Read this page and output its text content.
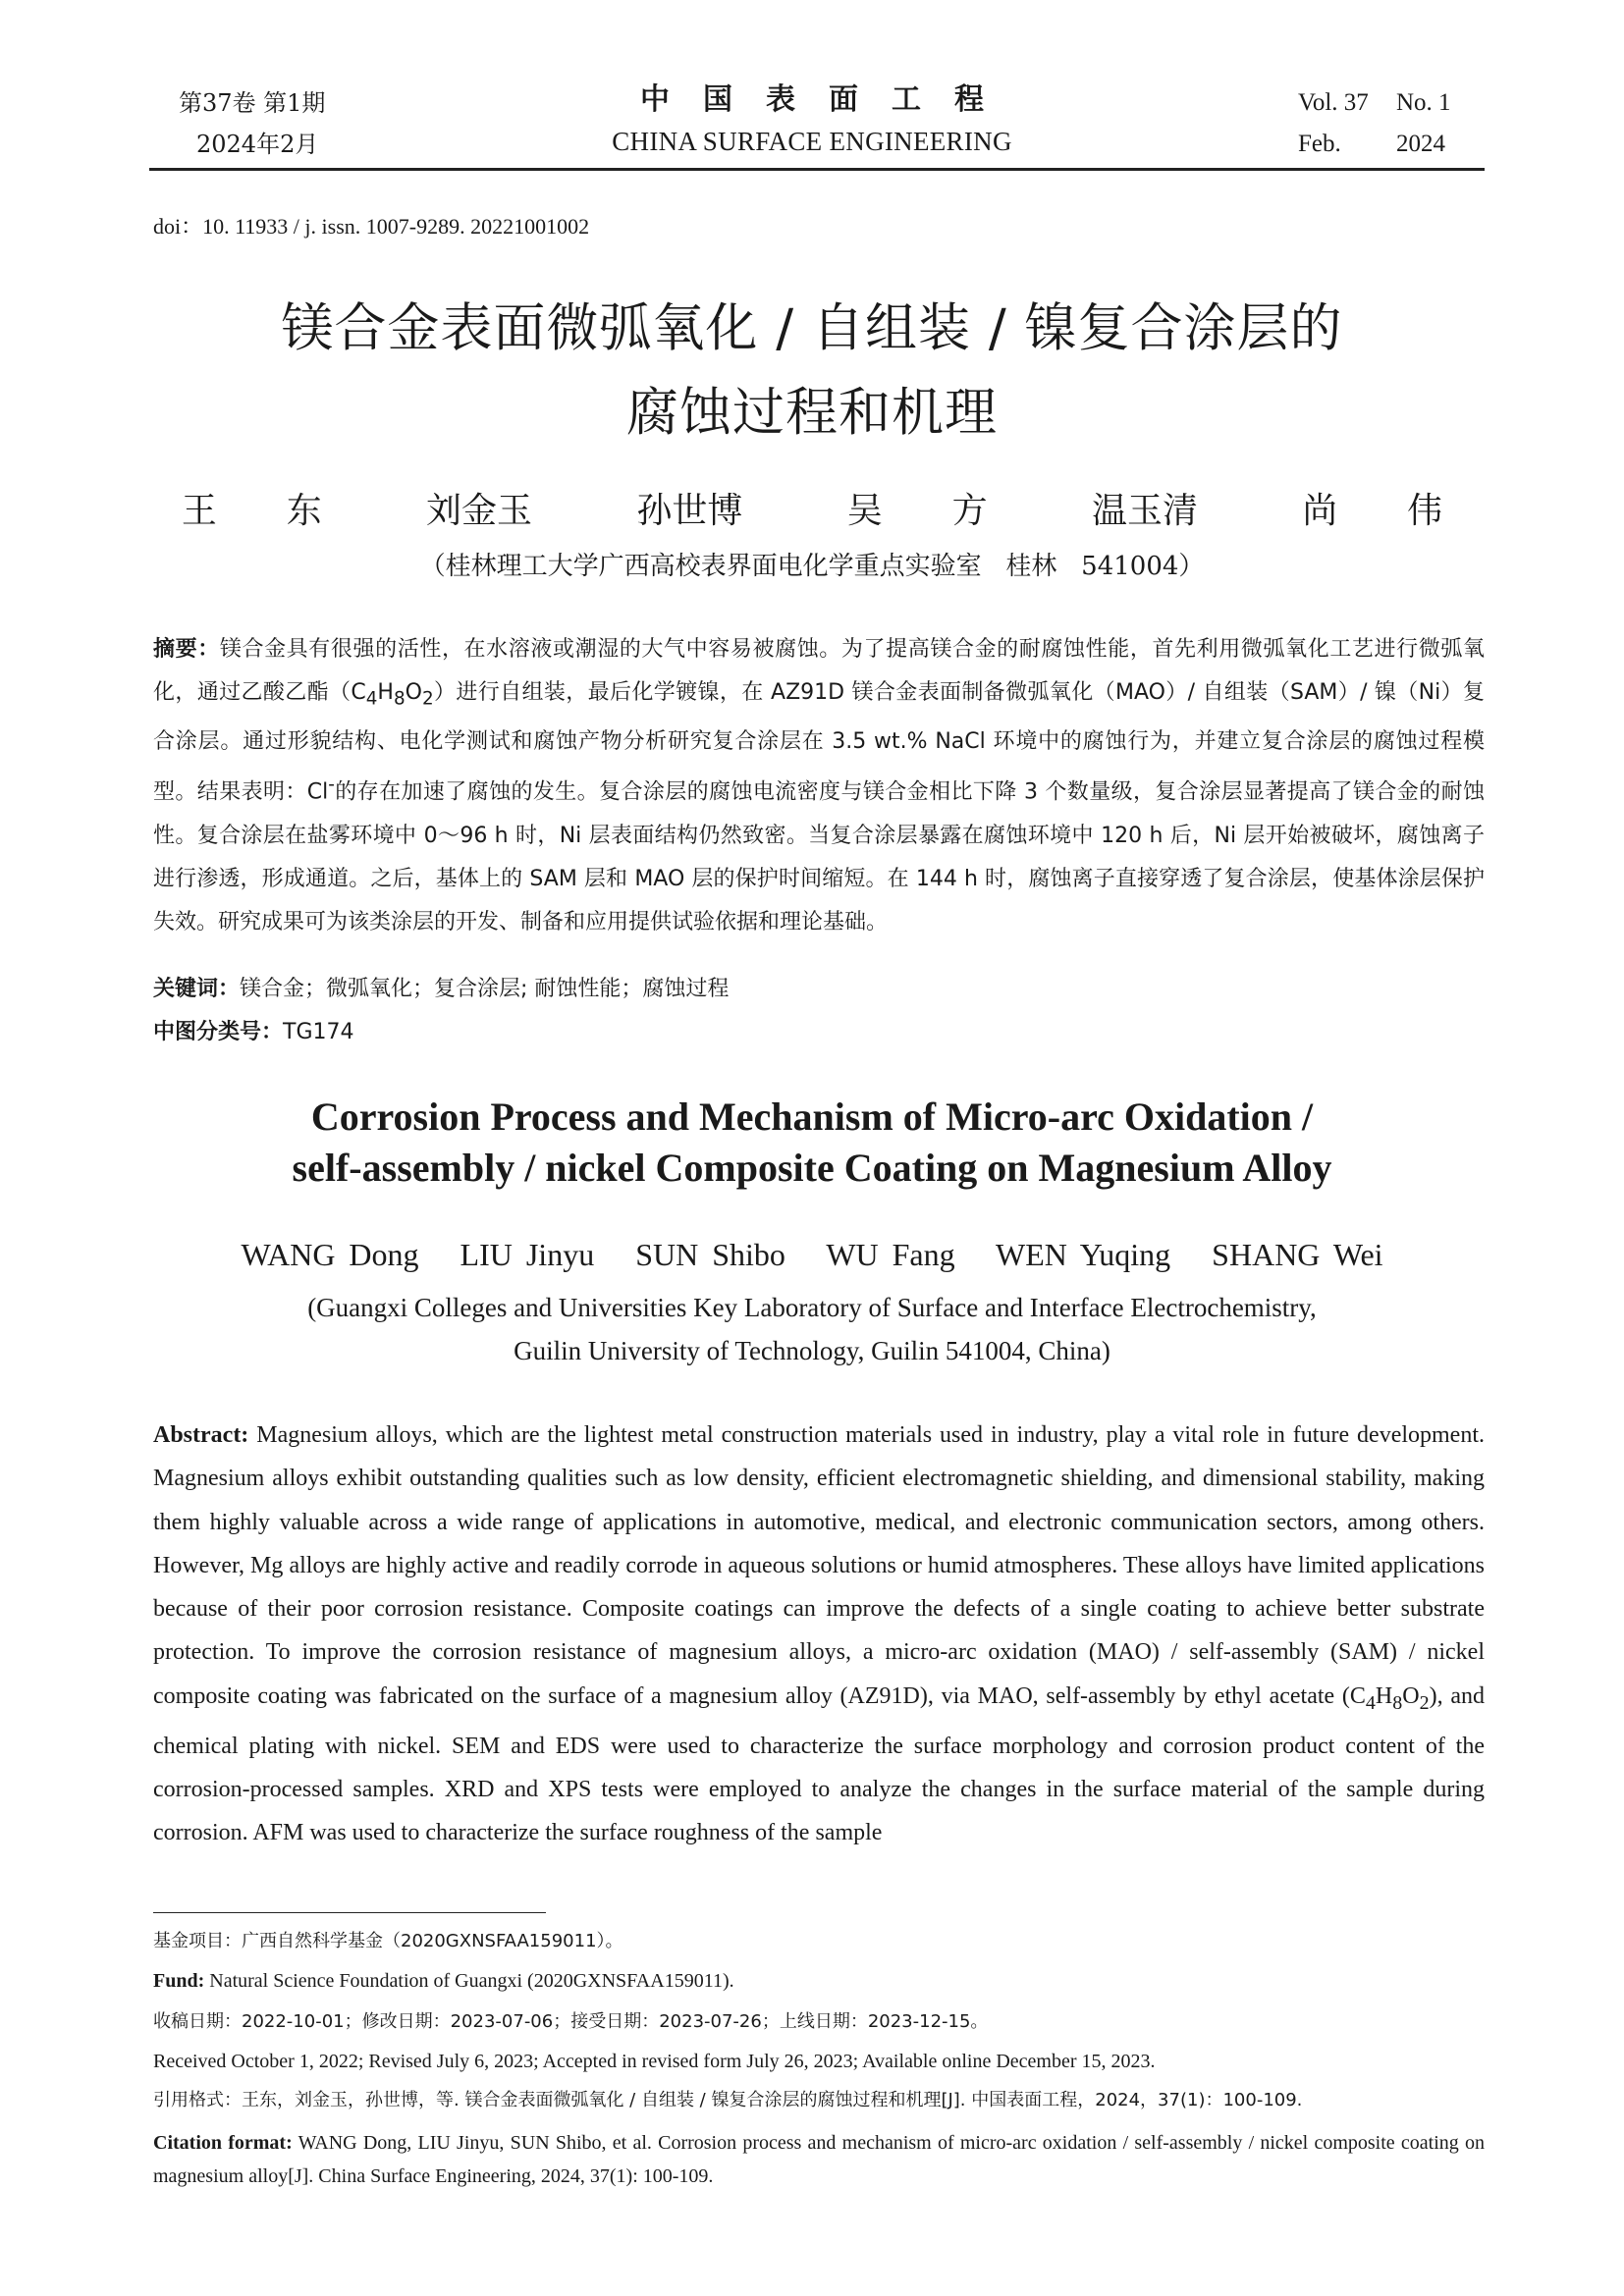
第37卷 第1期
2024年2月
中国表面工程
CHINA SURFACE ENGINEERING
Vol. 37 No. 1
Feb. 2024
doi：10. 11933 / j. issn. 1007-9289. 20221001002
镁合金表面微弧氧化 / 自组装 / 镍复合涂层的
腐蚀过程和机理
王  东   刘金玉   孙世博   吴  方   温玉清   尚  伟
（桂林理工大学广西高校表界面电化学重点实验室   桂林   541004）
摘要：镁合金具有很强的活性，在水溶液或潮湿的大气中容易被腐蚀。为了提高镁合金的耐腐蚀性能，首先利用微弧氧化工艺进行微弧氧化，通过乙酸乙酯$(C_4H_8O_2)$进行自组装，最后化学镀镍，在 AZ91D 镁合金表面制备微弧氧化（MAO）/ 自组装（SAM）/ 镍（Ni）复合涂层。通过形貌结构、电化学测试和腐蚀产物分析研究复合涂层在 3.5 wt.% NaCl 环境中的腐蚀行为，并建立复合涂层的腐蚀过程模型。结果表明：Cl-的存在加速了腐蚀的发生。复合涂层的腐蚀电流密度与镁合金相比下降 3 个数量级，复合涂层显著提高了镁合金的耐蚀性。复合涂层在盐雾环境中 0～96 h 时，Ni 层表面结构仍然致密。当复合涂层暴露在腐蚀环境中 120 h 后，Ni 层开始被破坏，腐蚀离子进行渗透，形成通道。之后，基体上的 SAM 层和 MAO 层的保护时间缩短。在 144 h 时，腐蚀离子直接穿透了复合涂层，使基体涂层保护失效。研究成果可为该类涂层的开发、制备和应用提供试验依据和理论基础。
关键词：镁合金；微弧氧化；复合涂层; 耐蚀性能；腐蚀过程
中图分类号：TG174
Corrosion Process and Mechanism of Micro-arc Oxidation /
self-assembly / nickel Composite Coating on Magnesium Alloy
WANG Dong   LIU Jinyu   SUN Shibo   WU Fang   WEN Yuqing   SHANG Wei
(Guangxi Colleges and Universities Key Laboratory of Surface and Interface Electrochemistry,
Guilin University of Technology, Guilin 541004, China)
Abstract: Magnesium alloys, which are the lightest metal construction materials used in industry, play a vital role in future development. Magnesium alloys exhibit outstanding qualities such as low density, efficient electromagnetic shielding, and dimensional stability, making them highly valuable across a wide range of applications in automotive, medical, and electronic communication sectors, among others. However, Mg alloys are highly active and readily corrode in aqueous solutions or humid atmospheres. These alloys have limited applications because of their poor corrosion resistance. Composite coatings can improve the defects of a single coating to achieve better substrate protection. To improve the corrosion resistance of magnesium alloys, a micro-arc oxidation (MAO) / self-assembly (SAM) / nickel composite coating was fabricated on the surface of a magnesium alloy (AZ91D), via MAO, self-assembly by ethyl acetate $(C_4H_8O_2)$, and chemical plating with nickel. SEM and EDS were used to characterize the surface morphology and corrosion product content of the corrosion-processed samples. XRD and XPS tests were employed to analyze the changes in the surface material of the sample during corrosion. AFM was used to characterize the surface roughness of the sample
基金项目：广西自然科学基金（2020GXNSFAA159011）。
Fund: Natural Science Foundation of Guangxi (2020GXNSFAA159011).
收稿日期：2022-10-01；修改日期：2023-07-06；接受日期：2023-07-26；上线日期：2023-12-15。
Received October 1, 2022; Revised July 6, 2023; Accepted in revised form July 26, 2023; Available online December 15, 2023.
引用格式：王东，刘金玉，孙世博，等. 镁合金表面微弧氧化 / 自组装 / 镍复合涂层的腐蚀过程和机理[J]. 中国表面工程，2024，37(1)：100-109.
Citation format: WANG Dong, LIU Jinyu, SUN Shibo, et al. Corrosion process and mechanism of micro-arc oxidation / self-assembly / nickel composite coating on magnesium alloy[J]. China Surface Engineering, 2024, 37(1): 100-109.
